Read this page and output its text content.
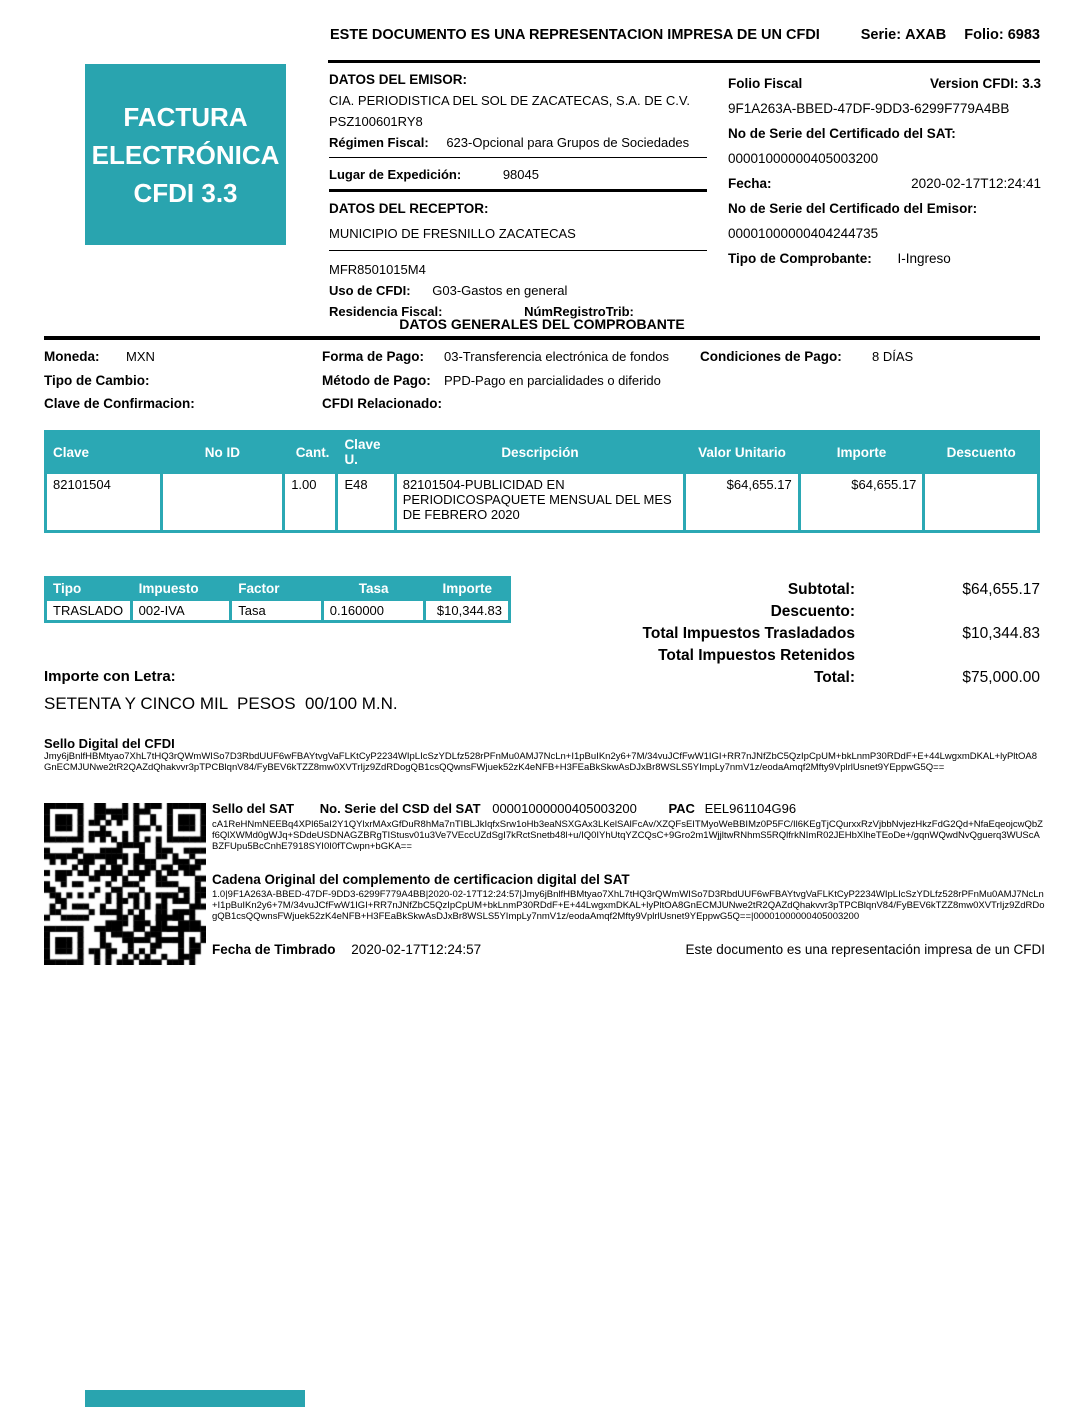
ESTE DOCUMENTO ES UNA REPRESENTACION IMPRESA DE UN CFDI	Serie: AXAB Folio: 6983
FACTURA
ELECTRÓNICA
CFDI 3.3
DATOS DEL EMISOR:
CIA. PERIODISTICA DEL SOL DE ZACATECAS, S.A. DE C.V.
PSZ100601RY8
Régimen Fiscal: 623-Opcional para Grupos de Sociedades
Lugar de Expedición:	98045
DATOS DEL RECEPTOR:
MUNICIPIO DE FRESNILLO ZACATECAS
MFR8501015M4
Uso de CFDI: G03-Gastos en general
Residencia Fiscal:	NúmRegistroTrib:
Folio Fiscal	Version CFDI: 3.3
9F1A263A-BBED-47DF-9DD3-6299F779A4BB
No de Serie del Certificado del SAT:
00001000000405003200
Fecha:	2020-02-17T12:24:41
No de Serie del Certificado del Emisor:
00001000000404244735
Tipo de Comprobante: I-Ingreso
DATOS GENERALES DEL COMPROBANTE
Moneda: MXN	Forma de Pago: 03-Transferencia electrónica de fondos Condiciones de Pago: 8 DÍAS
Tipo de Cambio:	Método de Pago: PPD-Pago en parcialidades o diferido
Clave de Confirmacion:	CFDI Relacionado:
Clave	No ID	Cant.	Clave U.	Descripción	Valor Unitario	Importe	Descuento
82101504		1.00	E48	82101504-PUBLICIDAD EN PERIODICOSPAQUETE MENSUAL DEL MES DE FEBRERO 2020	$64,655.17	$64,655.17	
Tipo	Impuesto	Factor	Tasa	Importe
TRASLADO	002-IVA	Tasa	0.160000	$10,344.83
Subtotal:	$64,655.17
Descuento:
Total Impuestos Trasladados	$10,344.83
Total Impuestos Retenidos
Total:	$75,000.00
Importe con Letra:
SETENTA Y CINCO MIL  PESOS  00/100 M.N.
Sello Digital del CFDI
Jmy6jBnlfHBMtyao7XhL7tHQ3rQWmWISo7D3RbdUUF6wFBAYtvgVaFLKtCyP2234WIpLIcSzYDLfz528rPFnMu0AMJ7NcLn+I1pBuIKn2y6+7M/34vuJCfFwW1IGI+RR7nJNfZbC5QzIpCpUM+bkLnmP30RDdF+E+44LwgxmDKAL+lyPltOA8GnECMJUNwe2tR2QAZdQhakvvr3pTPCBlqnV84/FyBEV6kTZZ8mw0XVTrIjz9ZdRDogQB1csQQwnsFWjuek52zK4eNFB+H3FEaBkSkwAsDJxBr8WSLS5YImpLy7nmV1z/eodaAmqf2Mfty9VplrlUsnet9YEppwG5Q==
Sello del SAT No. Serie del CSD del SAT 00001000000405003200 PAC EEL961104G96
cA1ReHNmNEEBq4XPl65aI2Y1QYlxrMAxGfDuR8hMa7nTIBLJkIqfxSrw1oHb3eaNSXGAx3LKelSAlFcAv/XZQFsEITMyoWeBBIMz0P5FC/Il6KEgTjCQurxxRzVjbbNvjezHkzFdG2Qd+NfaEqeojcwQbZf6QlXWMd0gWJq+SDdeUSDNAGZBRgTIStusv01u3Ve7VEccUZdSgI7kRctSnetb48l+u/IQ0IYhUtqYZCQsC+9Gro2m1WjjltwRNhmS5RQlfrkNImR02JEHbXlheTEoDe+/gqnWQwdNvQguerq3WUScABZFUpu5BcCnhE7918SYI0I0fTCwpn+bGKA==
Cadena Original del complemento de certificacion digital del SAT
1.0|9F1A263A-BBED-47DF-9DD3-6299F779A4BB|2020-02-17T12:24:57|Jmy6jBnlfHBMtyao7XhL7tHQ3rQWmWISo7D3RbdUUF6wFBAYtvgVaFLKtCyP2234WIpLIcSzYDLfz528rPFnMu0AMJ7NcLn+I1pBuIKn2y6+7M/34vuJCfFwW1IGI+RR7nJNfZbC5QzIpCpUM+bkLnmP30RDdF+E+44LwgxmDKAL+lyPltOA8GnECMJUNwe2tR2QAZdQhakvvr3pTPCBlqnV84/FyBEV6kTZZ8mw0XVTrIjz9ZdRDogQB1csQQwnsFWjuek52zK4eNFB+H3FEaBkSkwAsDJxBr8WSLS5YImpLy7nmV1z/eodaAmqf2Mfty9VplrlUsnet9YEppwG5Q==|00001000000405003200
Fecha de Timbrado 2020-02-17T12:24:57	Este documento es una representación impresa de un CFDI
